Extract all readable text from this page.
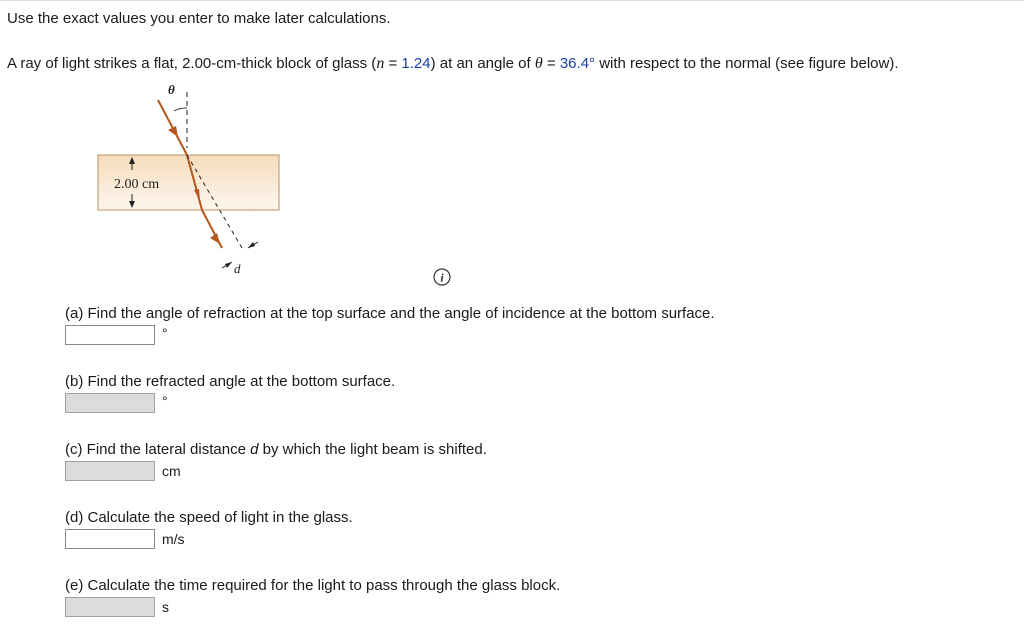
Use the exact values you enter to make later calculations.
A ray of light strikes a flat, 2.00-cm-thick block of glass (n = 1.24) at an angle of θ = 36.4° with respect to the normal (see figure below).
θ
d
2.00 cm
i
(a) Find the angle of refraction at the top surface and the angle of incidence at the bottom surface.
°
(b) Find the refracted angle at the bottom surface.
°
(c) Find the lateral distance d by which the light beam is shifted.
cm
(d) Calculate the speed of light in the glass.
m/s
(e) Calculate the time required for the light to pass through the glass block.
s
